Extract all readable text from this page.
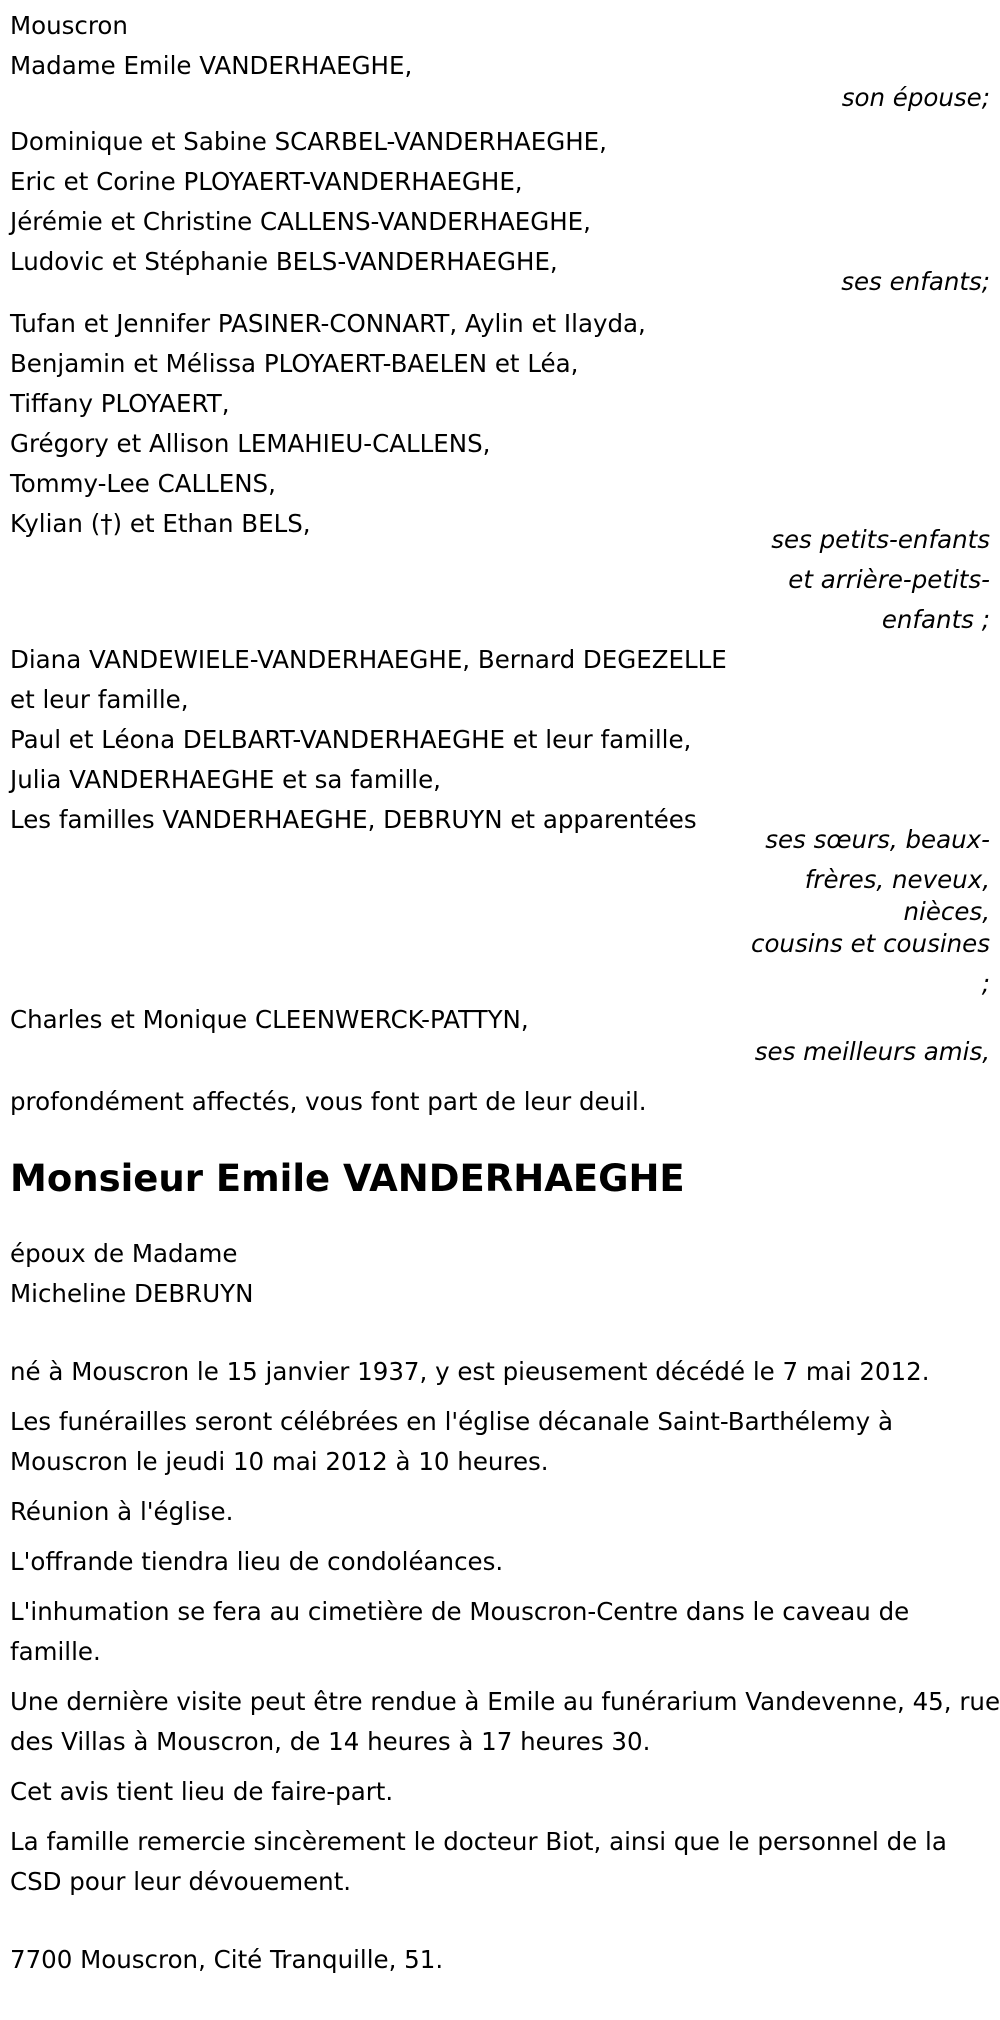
Mouscron
Madame Emile VANDERHAEGHE,
son épouse;
Dominique et Sabine SCARBEL-VANDERHAEGHE,
Eric et Corine PLOYAERT-VANDERHAEGHE,
Jérémie et Christine CALLENS-VANDERHAEGHE,
Ludovic et Stéphanie BELS-VANDERHAEGHE,
ses enfants;
Tufan et Jennifer PASINER-CONNART, Aylin et Ilayda,
Benjamin et Mélissa PLOYAERT-BAELEN et Léa,
Tiffany PLOYAERT,
Grégory et Allison LEMAHIEU-CALLENS,
Tommy-Lee CALLENS,
Kylian (†) et Ethan BELS,
ses petits-enfants
et arrière-petits-
enfants ;
Diana VANDEWIELE-VANDERHAEGHE, Bernard DEGEZELLE
et leur famille,
Paul et Léona DELBART-VANDERHAEGHE et leur famille,
Julia VANDERHAEGHE et sa famille,
Les familles VANDERHAEGHE, DEBRUYN et apparentées
ses sœurs, beaux-
frères, neveux,
nièces,
cousins et cousines
;
Charles et Monique CLEENWERCK-PATTYN,
ses meilleurs amis,
profondément affectés, vous font part de leur deuil.
Monsieur Emile VANDERHAEGHE
époux de Madame
Micheline DEBRUYN

né à Mouscron le 15 janvier 1937, y est pieusement décédé le 7 mai 2012.

Les funérailles seront célébrées en l'église décanale Saint-Barthélemy à Mouscron le jeudi 10 mai 2012 à 10 heures.

Réunion à l'église.

L'offrande tiendra lieu de condoléances.

L'inhumation se fera au cimetière de Mouscron-Centre dans le caveau de famille.

Une dernière visite peut être rendue à Emile au funérarium Vandevenne, 45, rue des Villas à Mouscron, de 14 heures à 17 heures 30.

Cet avis tient lieu de faire-part.

La famille remercie sincèrement le docteur Biot, ainsi que le personnel de la CSD pour leur dévouement.

7700 Mouscron, Cité Tranquille, 51.
